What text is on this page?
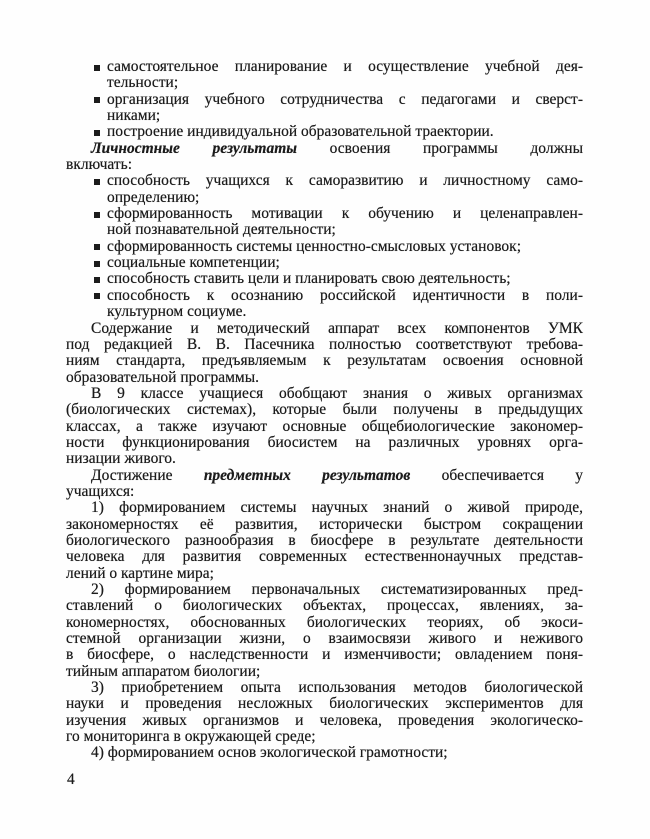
самостоятельное планирование и осуществление учебной дея-
тельности;
организация учебного сотрудничества с педагогами и сверст-
никами;
построение индивидуальной образовательной траектории.
Личностные результаты освоения программы должны
включать:
способность учащихся к саморазвитию и личностному само-
определению;
сформированность мотивации к обучению и целенаправлен-
ной познавательной деятельности;
сформированность системы ценностно-смысловых установок;
социальные компетенции;
способность ставить цели и планировать свою деятельность;
способность к осознанию российской идентичности в поли-
культурном социуме.
Содержание и методический аппарат всех компонентов УМК
под редакцией В. В. Пасечника полностью соответствуют требова-
ниям стандарта, предъявляемым к результатам освоения основной
образовательной программы.
В 9 классе учащиеся обобщают знания о живых организмах
(биологических системах), которые были получены в предыдущих
классах, а также изучают основные общебиологические закономер-
ности функционирования биосистем на различных уровнях орга-
низации живого.
Достижение предметных результатов обеспечивается у
учащихся:
1) формированием системы научных знаний о живой природе,
закономерностях её развития, исторически быстром сокращении
биологического разнообразия в биосфере в результате деятельности
человека для развития современных естественнонаучных представ-
лений о картине мира;
2) формированием первоначальных систематизированных пред-
ставлений о биологических объектах, процессах, явлениях, за-
кономерностях, обоснованных биологических теориях, об экоси-
стемной организации жизни, о взаимосвязи живого и неживого
в биосфере, о наследственности и изменчивости; овладением поня-
тийным аппаратом биологии;
3) приобретением опыта использования методов биологической
науки и проведения несложных биологических экспериментов для
изучения живых организмов и человека, проведения экологическо-
го мониторинга в окружающей среде;
4) формированием основ экологической грамотности;
4
